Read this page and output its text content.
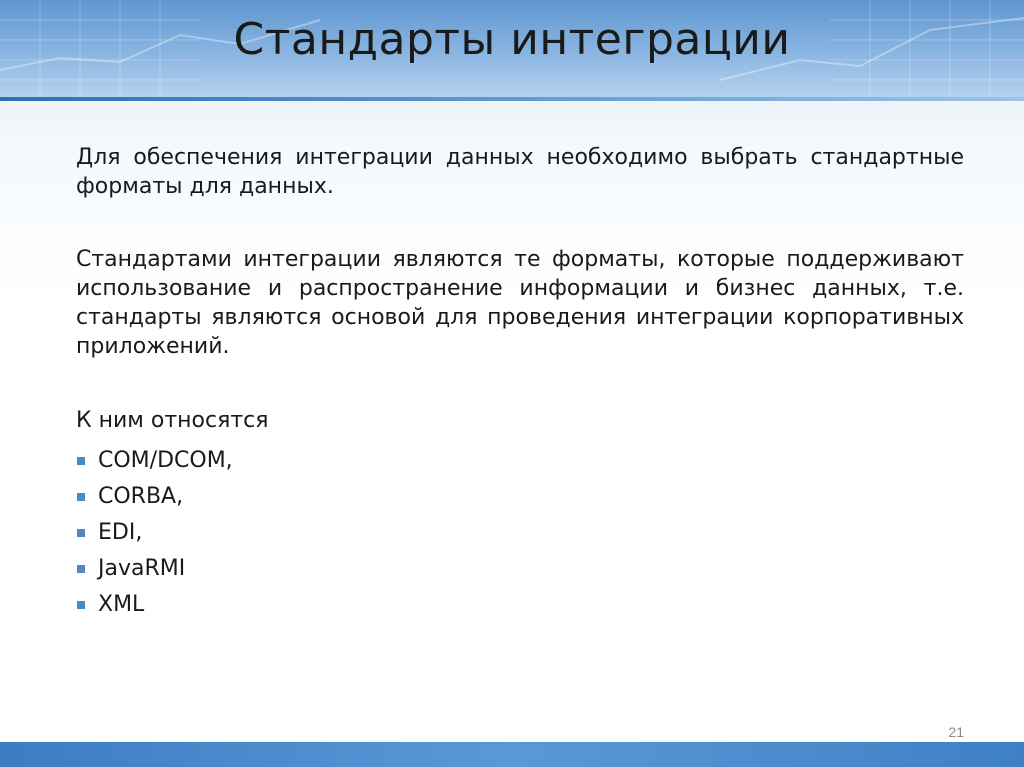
Стандарты интеграции

Для обеспечения интеграции данных необходимо выбрать стандартные форматы для данных.

Стандартами интеграции являются те форматы, которые поддерживают использование и распространение информации и бизнес данных, т.е. стандарты являются основой для проведения интеграции корпоративных приложений.

К ним относятся

COM/DCOM,
CORBA,
EDI,
JavaRMI
XML
21
